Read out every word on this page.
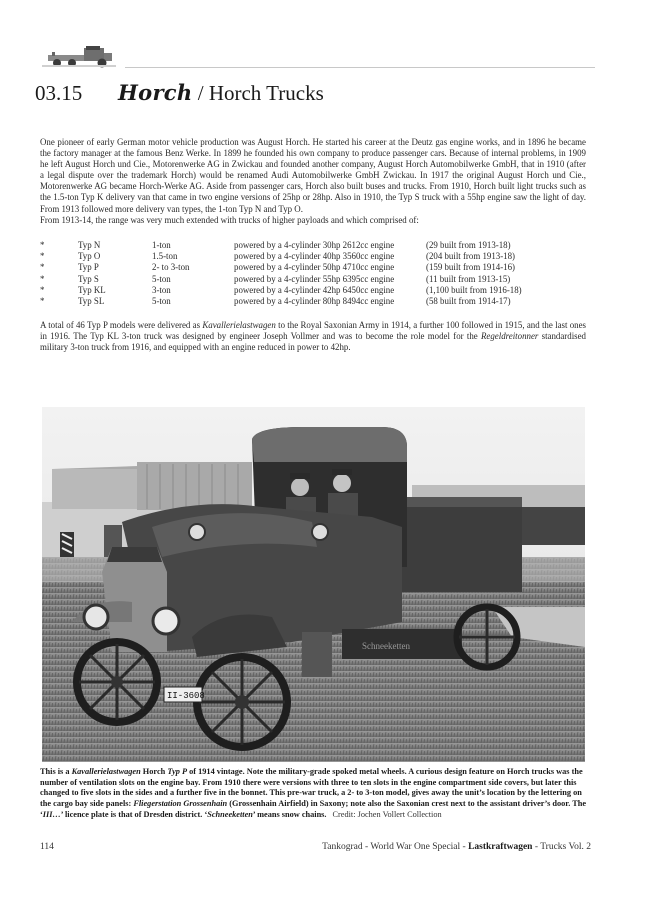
03.15 Horch / Horch Trucks

One pioneer of early German motor vehicle production was August Horch. He started his career at the Deutz gas engine works, and in 1896 he became the factory manager at the famous Benz Werke. In 1899 he founded his own company to produce passenger cars. Because of internal problems, in 1909 he left August Horch und Cie., Motorenwerke AG in Zwickau and founded another company, August Horch Automobilwerke GmbH, that in 1910 (after a legal dispute over the trademark Horch) would be renamed Audi Automobilwerke GmbH Zwickau. In 1917 the original August Horch und Cie., Motorenwerke AG became Horch-Werke AG. Aside from passenger cars, Horch also built buses and trucks. From 1910, Horch built light trucks such as the 1.5-ton Typ K delivery van that came in two engine versions of 25hp or 28hp. Also in 1910, the Typ S truck with a 55hp engine saw the light of day. From 1913 followed more delivery van types, the 1-ton Typ N and Typ O.

From 1913-14, the range was very much extended with trucks of higher payloads and which comprised of:

*	Typ N	1-ton	powered by a 4-cylinder 30hp 2612cc engine	(29 built from 1913-18)
*	Typ O	1.5-ton	powered by a 4-cylinder 40hp 3560cc engine	(204 built from 1913-18)
*	Typ P	2- to 3-ton	powered by a 4-cylinder 50hp 4710cc engine	(159 built from 1914-16)
*	Typ S	5-ton	powered by a 4-cylinder 55hp 6395cc engine	(11 built from 1913-15)
*	Typ KL	3-ton	powered by a 4-cylinder 42hp 6450cc engine	(1,100 built from 1916-18)
*	Typ SL	5-ton	powered by a 4-cylinder 80hp 8494cc engine	(58 built from 1914-17)

A total of 46 Typ P models were delivered as Kavallerielastwagen to the Royal Saxonian Army in 1914, a further 100 followed in 1915, and the last ones in 1916. The Typ KL 3-ton truck was designed by engineer Joseph Vollmer and was to become the role model for the Regeldreitonner standardised military 3-ton truck from 1916, and equipped with an engine reduced in power to 42hp.

Schneeketten
II-3608

This is a Kavallerielastwagen Horch Typ P of 1914 vintage. Note the military-grade spoked metal wheels. A curious design feature on Horch trucks was the number of ventilation slots on the engine bay. From 1910 there were versions with three to ten slots in the engine compartment side covers, but later this changed to five slots in the sides and a further five in the bonnet. This pre-war truck, a 2- to 3-ton model, gives away the unit’s location by the lettering on the cargo bay side panels: Fliegerstation Grossenhain (Grossenhain Airfield) in Saxony; note also the Saxonian crest next to the assistant driver’s door. The ‘III…’ licence plate is that of Dresden district. ‘Schneeketten’ means snow chains. Credit: Jochen Vollert Collection

114	Tankograd - World War One Special - Lastkraftwagen - Trucks Vol. 2
